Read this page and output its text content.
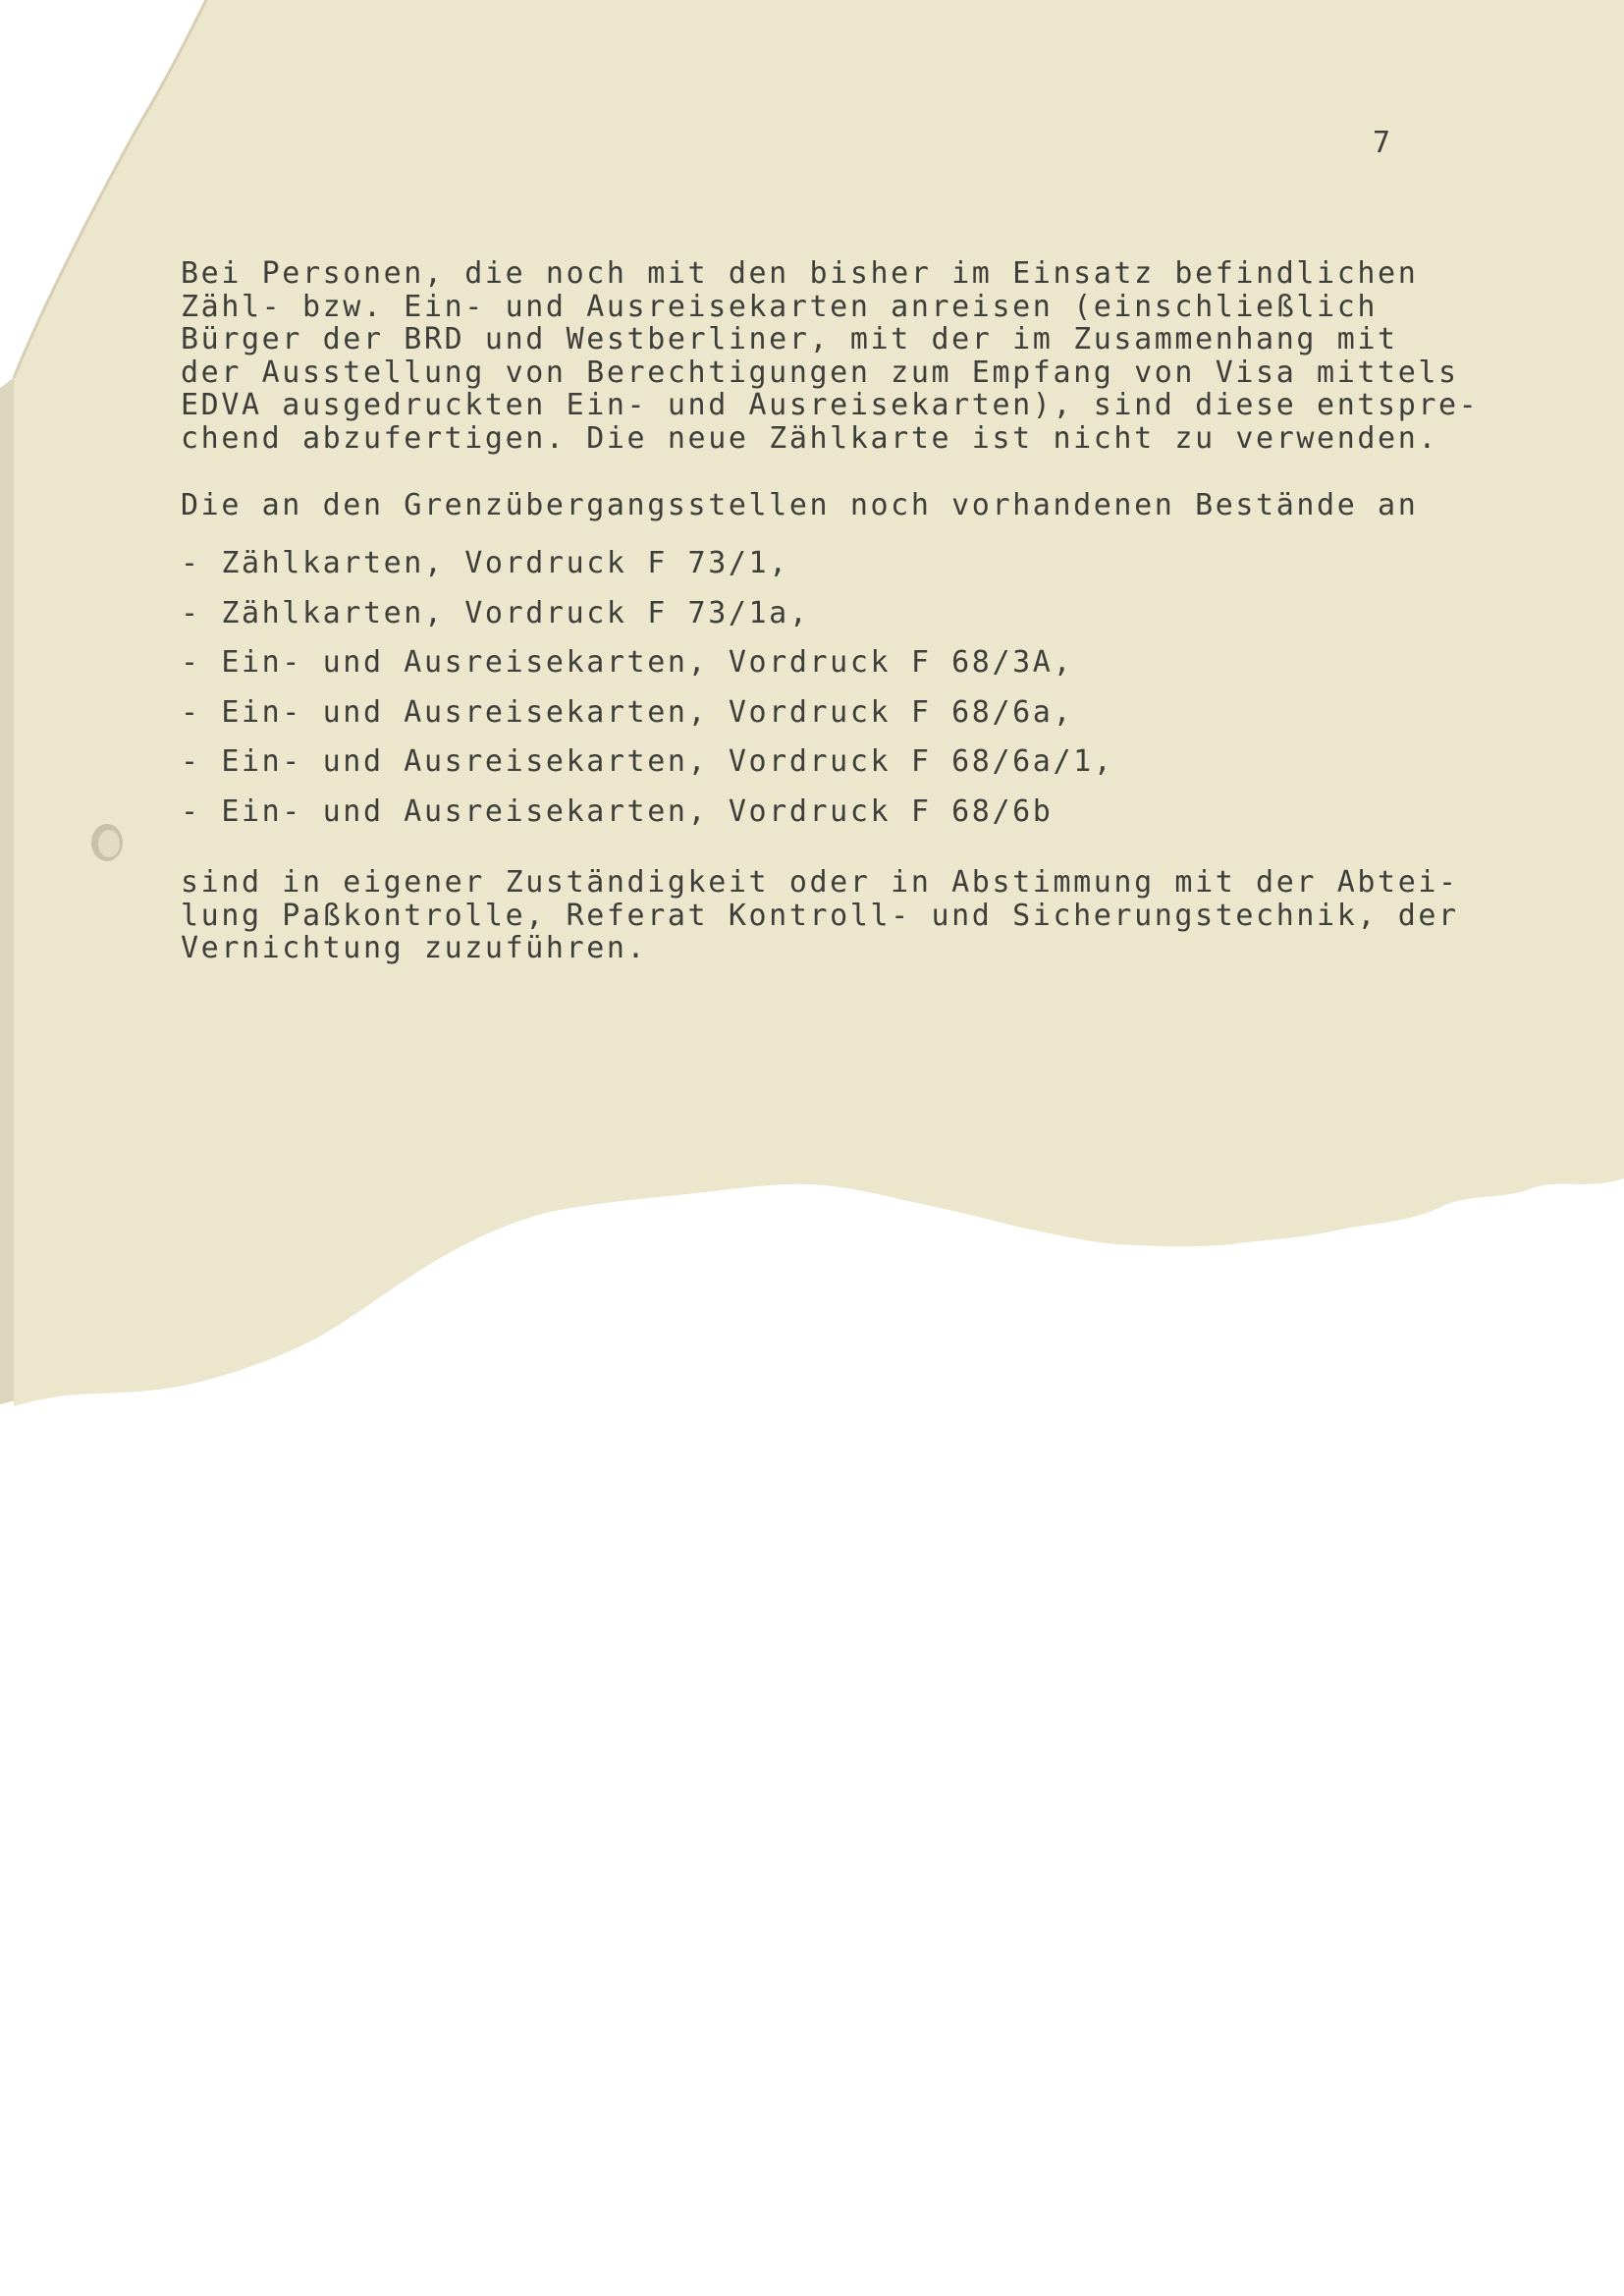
7

Bei Personen, die noch mit den bisher im Einsatz befindlichen
Zähl- bzw. Ein- und Ausreisekarten anreisen (einschließlich
Bürger der BRD und Westberliner, mit der im Zusammenhang mit
der Ausstellung von Berechtigungen zum Empfang von Visa mittels
EDVA ausgedruckten Ein- und Ausreisekarten), sind diese entspre-
chend abzufertigen. Die neue Zählkarte ist nicht zu verwenden.

Die an den Grenzübergangsstellen noch vorhandenen Bestände an

- Zählkarten, Vordruck F 73/1,
- Zählkarten, Vordruck F 73/1a,
- Ein- und Ausreisekarten, Vordruck F 68/3A,
- Ein- und Ausreisekarten, Vordruck F 68/6a,
- Ein- und Ausreisekarten, Vordruck F 68/6a/1,
- Ein- und Ausreisekarten, Vordruck F 68/6b

sind in eigener Zuständigkeit oder in Abstimmung mit der Abtei-
lung Paßkontrolle, Referat Kontroll- und Sicherungstechnik, der
Vernichtung zuzuführen.
